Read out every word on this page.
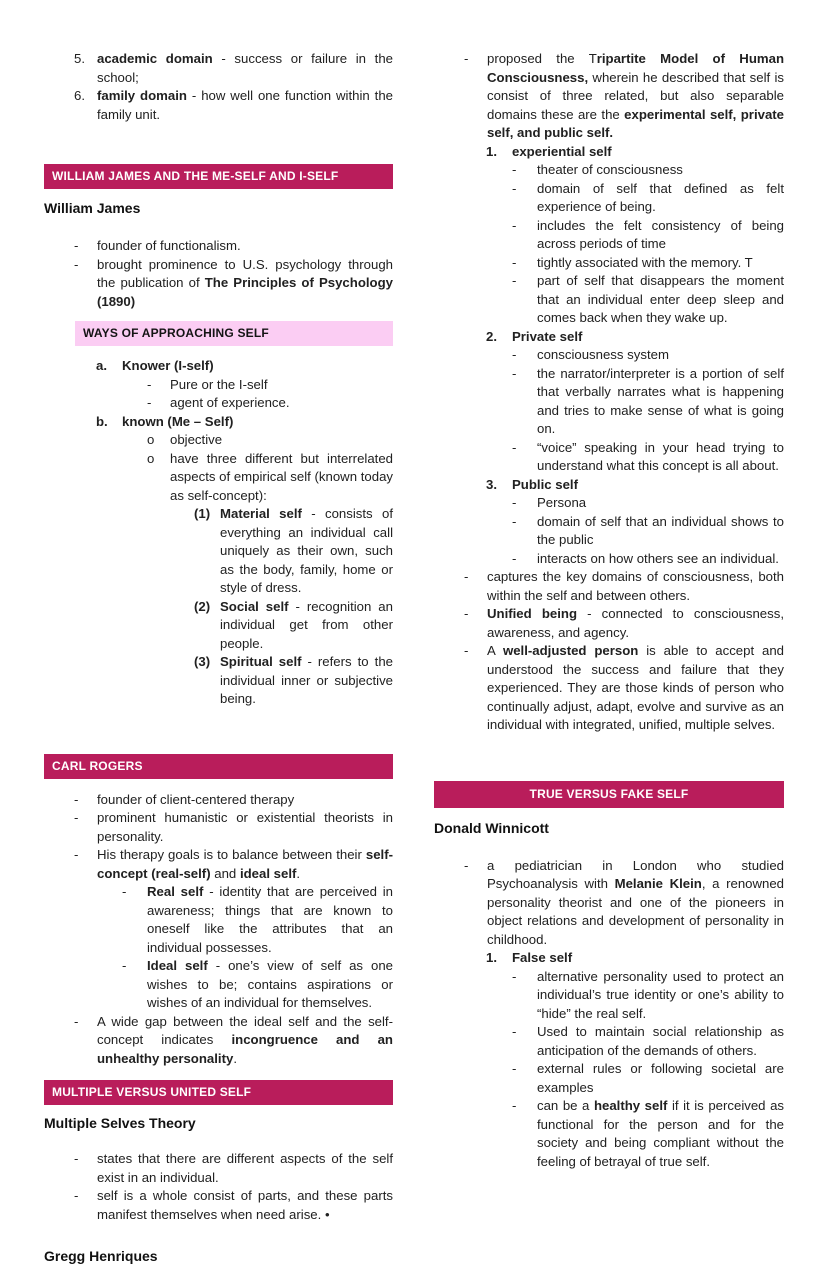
5. academic domain - success or failure in the school;
6. family domain - how well one function within the family unit.
WILLIAM JAMES AND THE ME-SELF AND I-SELF
William James
- founder of functionalism.
- brought prominence to U.S. psychology through the publication of The Principles of Psychology (1890)
WAYS OF APPROACHING SELF
a. Knower (I-self)
- Pure or the I-self
- agent of experience.
b. known (Me – Self)
o objective
o have three different but interrelated aspects of empirical self (known today as self-concept):
(1) Material self - consists of everything an individual call uniquely as their own, such as the body, family, home or style of dress.
(2) Social self - recognition an individual get from other people.
(3) Spiritual self - refers to the individual inner or subjective being.
CARL ROGERS
- founder of client-centered therapy
- prominent humanistic or existential theorists in personality.
- His therapy goals is to balance between their self-concept (real-self) and ideal self.
- Real self - identity that are perceived in awareness; things that are known to oneself like the attributes that an individual possesses.
- Ideal self - one’s view of self as one wishes to be; contains aspirations or wishes of an individual for themselves.
- A wide gap between the ideal self and the self-concept indicates incongruence and an unhealthy personality.
MULTIPLE VERSUS UNITED SELF
Multiple Selves Theory
- states that there are different aspects of the self exist in an individual.
- self is a whole consist of parts, and these parts manifest themselves when need arise. •
Gregg Henriques
- proposed the Tripartite Model of Human Consciousness, wherein he described that self is consist of three related, but also separable domains these are the experimental self, private self, and public self.
1. experiential self
- theater of consciousness
- domain of self that defined as felt experience of being.
- includes the felt consistency of being across periods of time
- tightly associated with the memory. T
- part of self that disappears the moment that an individual enter deep sleep and comes back when they wake up.
2. Private self
- consciousness system
- the narrator/interpreter is a portion of self that verbally narrates what is happening and tries to make sense of what is going on.
- “voice” speaking in your head trying to understand what this concept is all about.
3. Public self
- Persona
- domain of self that an individual shows to the public
- interacts on how others see an individual.
- captures the key domains of consciousness, both within the self and between others.
- Unified being - connected to consciousness, awareness, and agency.
- A well-adjusted person is able to accept and understood the success and failure that they experienced. They are those kinds of person who continually adjust, adapt, evolve and survive as an individual with integrated, unified, multiple selves.
TRUE VERSUS FAKE SELF
Donald Winnicott
- a pediatrician in London who studied Psychoanalysis with Melanie Klein, a renowned personality theorist and one of the pioneers in object relations and development of personality in childhood.
1. False self
- alternative personality used to protect an individual’s true identity or one’s ability to “hide” the real self.
- Used to maintain social relationship as anticipation of the demands of others.
- external rules or following societal are examples
- can be a healthy self if it is perceived as functional for the person and for the society and being compliant without the feeling of betrayal of true self.
